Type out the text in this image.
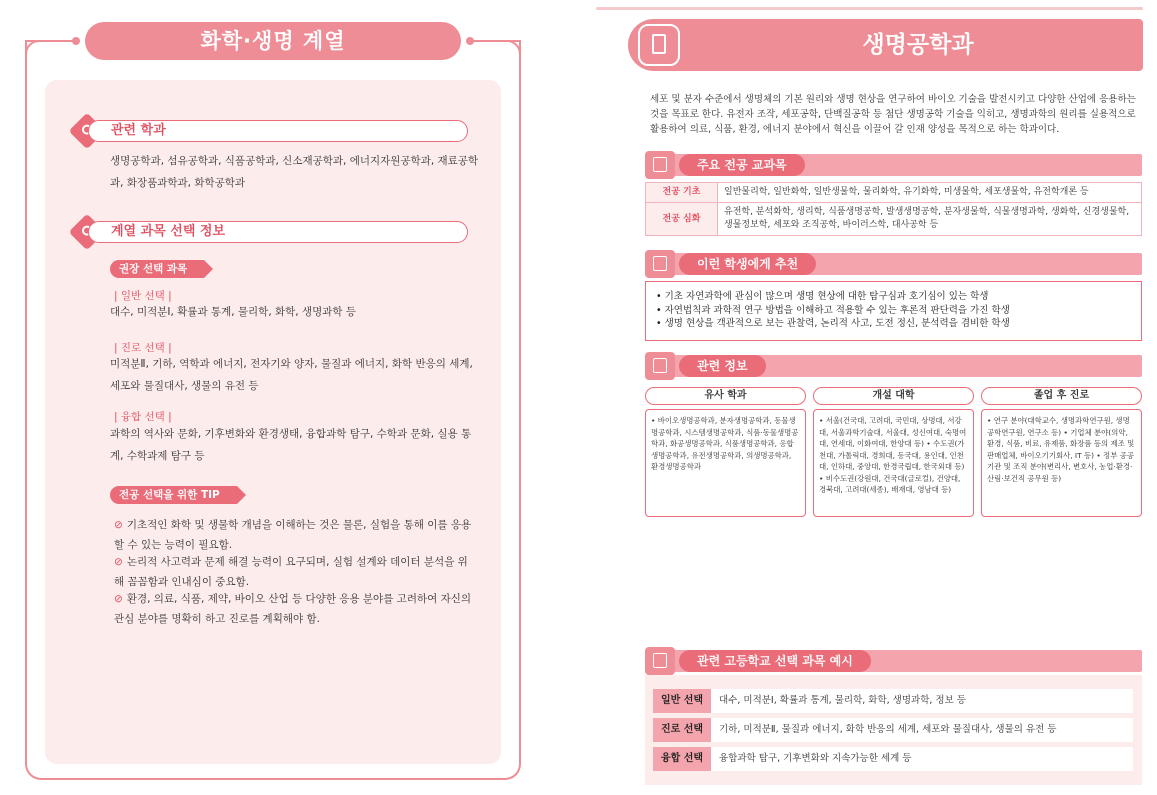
화학·생명 계열
관련 학과
생명공학과, 섬유공학과, 식품공학과, 신소재공학과, 에너지자원공학과, 재료공학과, 화장품과학과, 화학공학과
계열 과목 선택 정보
권장 선택 과목
| 일반 선택 |
대수, 미적분Ⅰ, 확률과 통계, 물리학, 화학, 생명과학 등
| 진로 선택 |
미적분Ⅱ, 기하, 역학과 에너지, 전자기와 양자, 물질과 에너지, 화학 반응의 세계, 세포와 물질대사, 생물의 유전 등
| 융합 선택 |
과학의 역사와 문화, 기후변화와 환경생태, 융합과학 탐구, 수학과 문화, 실용 통계, 수학과제 탐구 등
전공 선택을 위한 TIP
⊘ 기초적인 화학 및 생물학 개념을 이해하는 것은 물론, 실험을 통해 이를 응용할 수 있는 능력이 필요함.
⊘ 논리적 사고력과 문제 해결 능력이 요구되며, 실험 설계와 데이터 분석을 위해 꼼꼼함과 인내심이 중요함.
⊘ 환경, 의료, 식품, 제약, 바이오 산업 등 다양한 응용 분야를 고려하여 자신의 관심 분야를 명확히 하고 진로를 계획해야 함.
생명공학과
세포 및 분자 수준에서 생명체의 기본 원리와 생명 현상을 연구하여 바이오 기술을 발전시키고 다양한 산업에 응용하는 것을 목표로 한다. 유전자 조작, 세포공학, 단백질공학 등 첨단 생명공학 기술을 익히고, 생명과학의 원리를 실용적으로 활용하여 의료, 식품, 환경, 에너지 분야에서 혁신을 이끌어 갈 인재 양성을 목적으로 하는 학과이다.
주요 전공 교과목
전공 기초	일반물리학, 일반화학, 일반생물학, 물리화학, 유기화학, 미생물학, 세포생물학, 유전학개론 등
전공 심화	유전학, 분석화학, 생리학, 식품생명공학, 발생생명공학, 분자생물학, 식물생명과학, 생화학, 신경생물학, 생물정보학, 세포와 조직공학, 바이러스학, 대사공학 등
이런 학생에게 추천
• 기초 자연과학에 관심이 많으며 생명 현상에 대한 탐구심과 호기심이 있는 학생
• 자연법칙과 과학적 연구 방법을 이해하고 적용할 수 있는 후론적 판단력을 가진 학생
• 생명 현상을 객관적으로 보는 관찰력, 논리적 사고, 도전 정신, 분석력을 겸비한 학생
관련 정보
유사 학과
• 바이오생명공학과, 분자생명공학과, 동물생명공학과, 시스템생명공학과, 식품·동물생명공학과, 화공생명공학과, 식품생명공학과, 응합생명공학과, 유전생명공학과, 의생명공학과, 환경생명공학과
개설 대학
• 서울(건국대, 고려대, 국민대, 상명대, 서강대, 서울과학기술대, 서울대, 성신여대, 숙명여대, 연세대, 이화여대, 한양대 등) • 수도권(가천대, 가톨릭대, 경희대, 동국대, 용인대, 인천대, 인하대, 중앙대, 한경국립대, 한국외대 등) • 비수도권(강원대, 건국대(글로컬), 건양대, 경북대, 고려대(세종), 배재대, 영남대 등)
졸업 후 진로
• 연구 분야(대학교수, 생명과학연구원, 생명공학연구원, 연구소 등) • 기업체 분야(의약, 환경, 식품, 비료, 유제품, 화장품 등의 제조 및 판매업체, 바이오기기회사, IT 등) • 정부 공공기관 및 조직 분야(변리사, 변호사, 농업·환경·산림·보건직 공무원 등)
관련 고등학교 선택 과목 예시
일반 선택	대수, 미적분Ⅰ, 확률과 통계, 물리학, 화학, 생명과학, 정보 등
진로 선택	기하, 미적분Ⅱ, 물질과 에너지, 화학 반응의 세계, 세포와 물질대사, 생물의 유전 등
융합 선택	융합과학 탐구, 기후변화와 지속가능한 세계 등
